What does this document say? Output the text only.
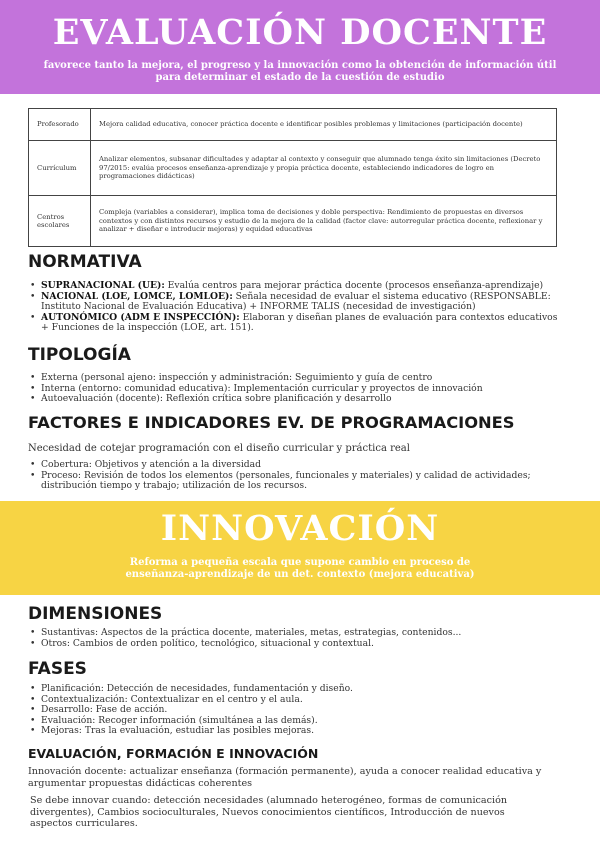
EVALUACIÓN DOCENTE
favorece tanto la mejora, el progreso y la innovación como la obtención de información útil para determinar el estado de la cuestión de estudio
Profesorado	Mejora calidad educativa, conocer práctica docente e identificar posibles problemas y limitaciones (participación docente)
Currículum	Analizar elementos, subsanar dificultades y adaptar al contexto y conseguir que alumnado tenga éxito sin limitaciones (Decreto 97/2015: evalúa procesos enseñanza-aprendizaje y propia práctica docente, estableciendo indicadores de logro en programaciones didácticas)
Centros escolares	Compleja (variables a considerar), implica toma de decisiones y doble perspectiva: Rendimiento de propuestas en diversos contextos y con distintos recursos y estudio de la mejora de la calidad (factor clave: autorregular práctica docente, reflexionar y analizar + diseñar e introducir mejoras) y equidad educativas
NORMATIVA
• SUPRANACIONAL (UE): Evalúa centros para mejorar práctica docente (procesos enseñanza-aprendizaje)
• NACIONAL (LOE, LOMCE, LOMLOE): Señala necesidad de evaluar el sistema educativo (RESPONSABLE: Instituto Nacional de Evaluación Educativa) + INFORME TALIS (necesidad de investigación)
• AUTONÓMICO (ADM E INSPECCIÓN): Elaboran y diseñan planes de evaluación para contextos educativos + Funciones de la inspección (LOE, art. 151).
TIPOLOGÍA
• Externa (personal ajeno: inspección y administración: Seguimiento y guía de centro
• Interna (entorno: comunidad educativa): Implementación curricular y proyectos de innovación
• Autoevaluación (docente): Reflexión crítica sobre planificación y desarrollo
FACTORES E INDICADORES EV. DE PROGRAMACIONES
Necesidad de cotejar programación con el diseño curricular y práctica real
• Cobertura: Objetivos y atención a la diversidad
• Proceso: Revisión de todos los elementos (personales, funcionales y materiales) y calidad de actividades; distribución tiempo y trabajo; utilización de los recursos.
INNOVACIÓN
Reforma a pequeña escala que supone cambio en proceso de enseñanza-aprendizaje de un det. contexto (mejora educativa)
DIMENSIONES
• Sustantivas: Aspectos de la práctica docente, materiales, metas, estrategias, contenidos...
• Otros: Cambios de orden político, tecnológico, situacional y contextual.
FASES
• Planificación: Detección de necesidades, fundamentación y diseño.
• Contextualización: Contextualizar en el centro y el aula.
• Desarrollo: Fase de acción.
• Evaluación: Recoger información (simultánea a las demás).
• Mejoras: Tras la evaluación, estudiar las posibles mejoras.
EVALUACIÓN, FORMACIÓN E INNOVACIÓN
Innovación docente: actualizar enseñanza (formación permanente), ayuda a conocer realidad educativa y argumentar propuestas didácticas coherentes
Se debe innovar cuando: detección necesidades (alumnado heterogéneo, formas de comunicación divergentes), Cambios socioculturales, Nuevos conocimientos científicos, Introducción de nuevos aspectos curriculares.
